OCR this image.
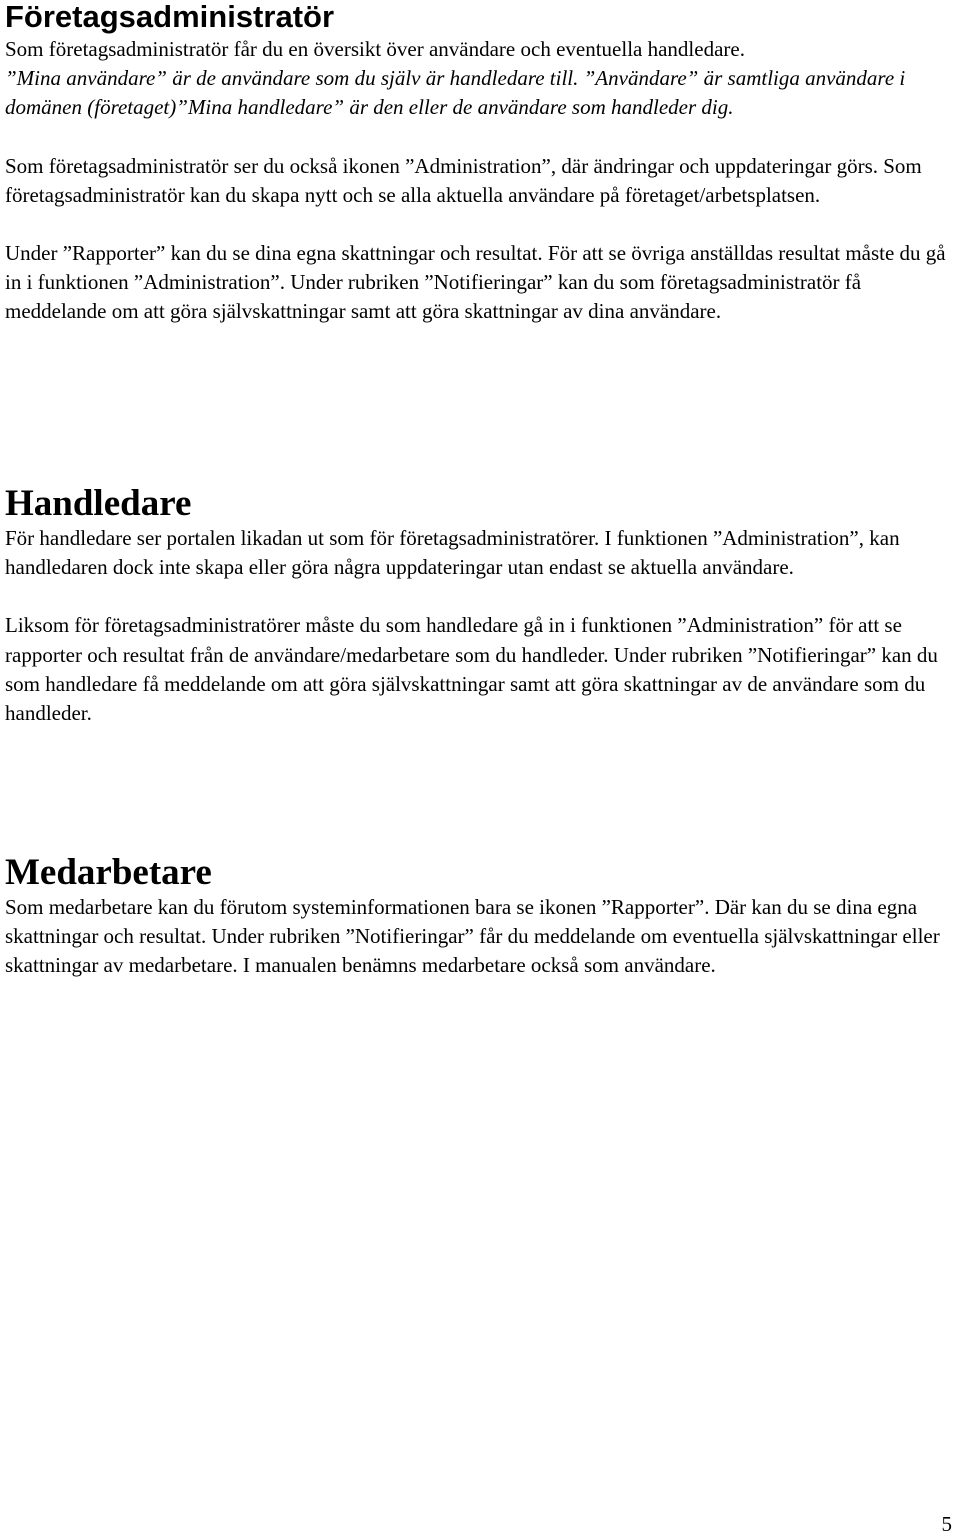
Företagsadministratör

Som företagsadministratör får du en översikt över användare och eventuella handledare.
”Mina användare” är de användare som du själv är handledare till. ”Användare” är samtliga användare i domänen (företaget)”Mina handledare” är den eller de användare som handleder dig.

Som företagsadministratör ser du också ikonen ”Administration”, där ändringar och uppdateringar görs. Som företagsadministratör kan du skapa nytt och se alla aktuella användare på företaget/arbetsplatsen.

Under ”Rapporter” kan du se dina egna skattningar och resultat. För att se övriga anställdas resultat måste du gå in i funktionen ”Administration”. Under rubriken ”Notifieringar” kan du som företagsadministratör få meddelande om att göra självskattningar samt att göra skattningar av dina användare.

Handledare

För handledare ser portalen likadan ut som för företagsadministratörer. I funktionen ”Administration”, kan handledaren dock inte skapa eller göra några uppdateringar utan endast se aktuella användare.

Liksom för företagsadministratörer måste du som handledare gå in i funktionen ”Administration” för att se rapporter och resultat från de användare/medarbetare som du handleder. Under rubriken ”Notifieringar” kan du som handledare få meddelande om att göra självskattningar samt att göra skattningar av de användare som du handleder.

Medarbetare

Som medarbetare kan du förutom systeminformationen bara se ikonen ”Rapporter”. Där kan du se dina egna skattningar och resultat. Under rubriken ”Notifieringar” får du meddelande om eventuella självskattningar eller skattningar av medarbetare. I manualen benämns medarbetare också som användare.

5
